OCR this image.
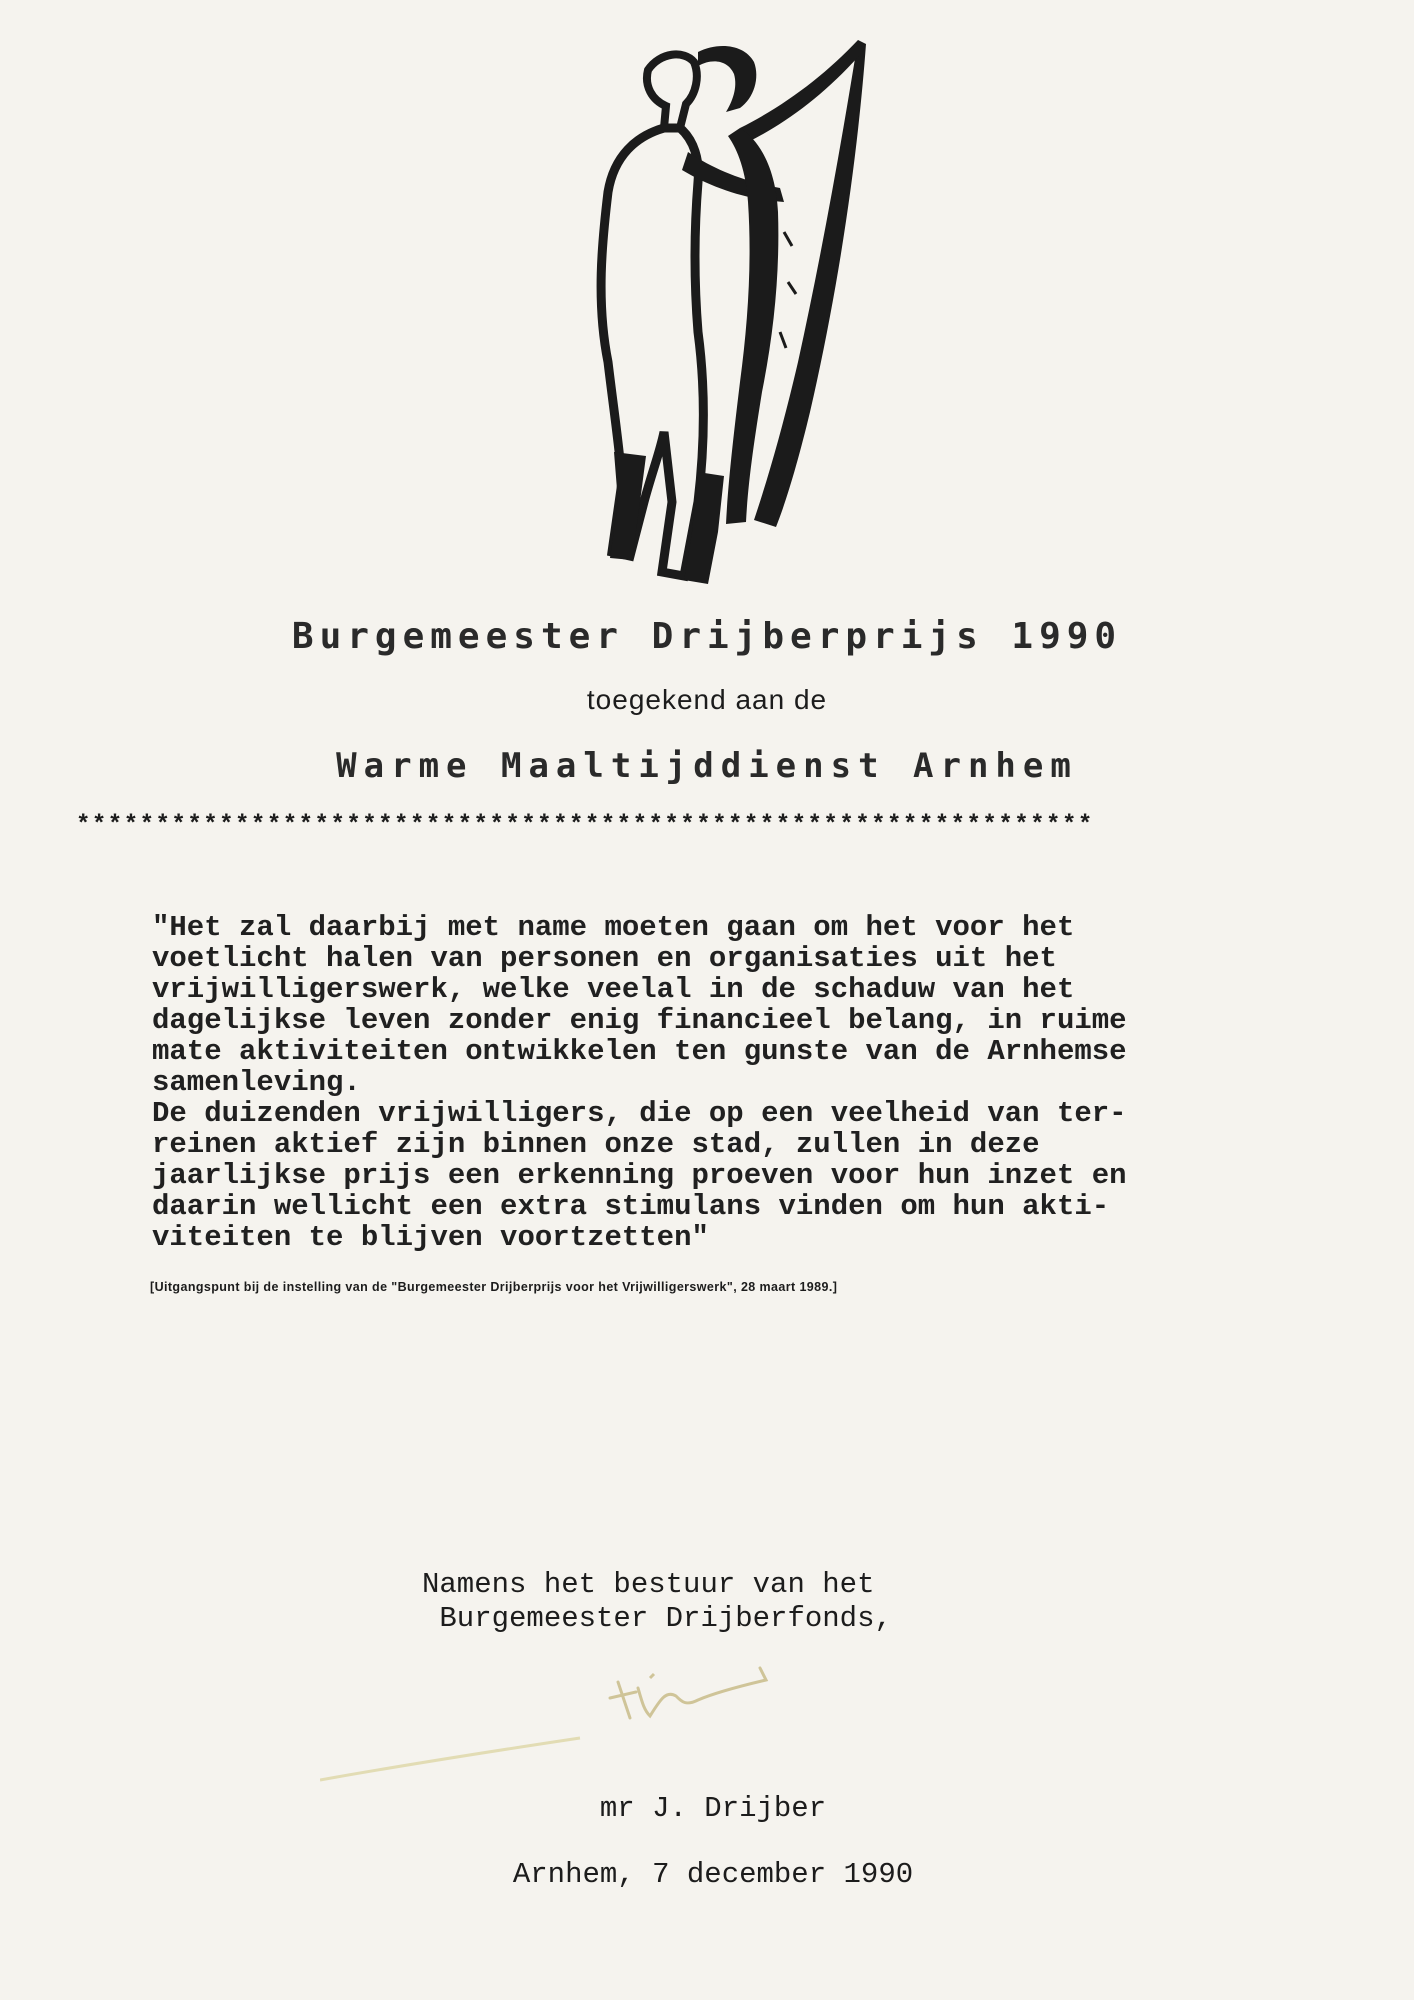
Burgemeester Drijberprijs 1990
toegekend aan de
Warme Maaltijddienst Arnhem
****************************************************************
"Het zal daarbij met name moeten gaan om het voor het
voetlicht halen van personen en organisaties uit het
vrijwilligerswerk, welke veelal in de schaduw van het
dagelijkse leven zonder enig financieel belang, in ruime
mate aktiviteiten ontwikkelen ten gunste van de Arnhemse
samenleving.
De duizenden vrijwilligers, die op een veelheid van ter-
reinen aktief zijn binnen onze stad, zullen in deze
jaarlijkse prijs een erkenning proeven voor hun inzet en
daarin wellicht een extra stimulans vinden om hun akti-
viteiten te blijven voortzetten"
[Uitgangspunt bij de instelling van de "Burgemeester Drijberprijs voor het Vrijwilligerswerk", 28 maart 1989.]
Namens het bestuur van het
Burgemeester Drijberfonds,
mr J. Drijber
Arnhem, 7 december 1990
